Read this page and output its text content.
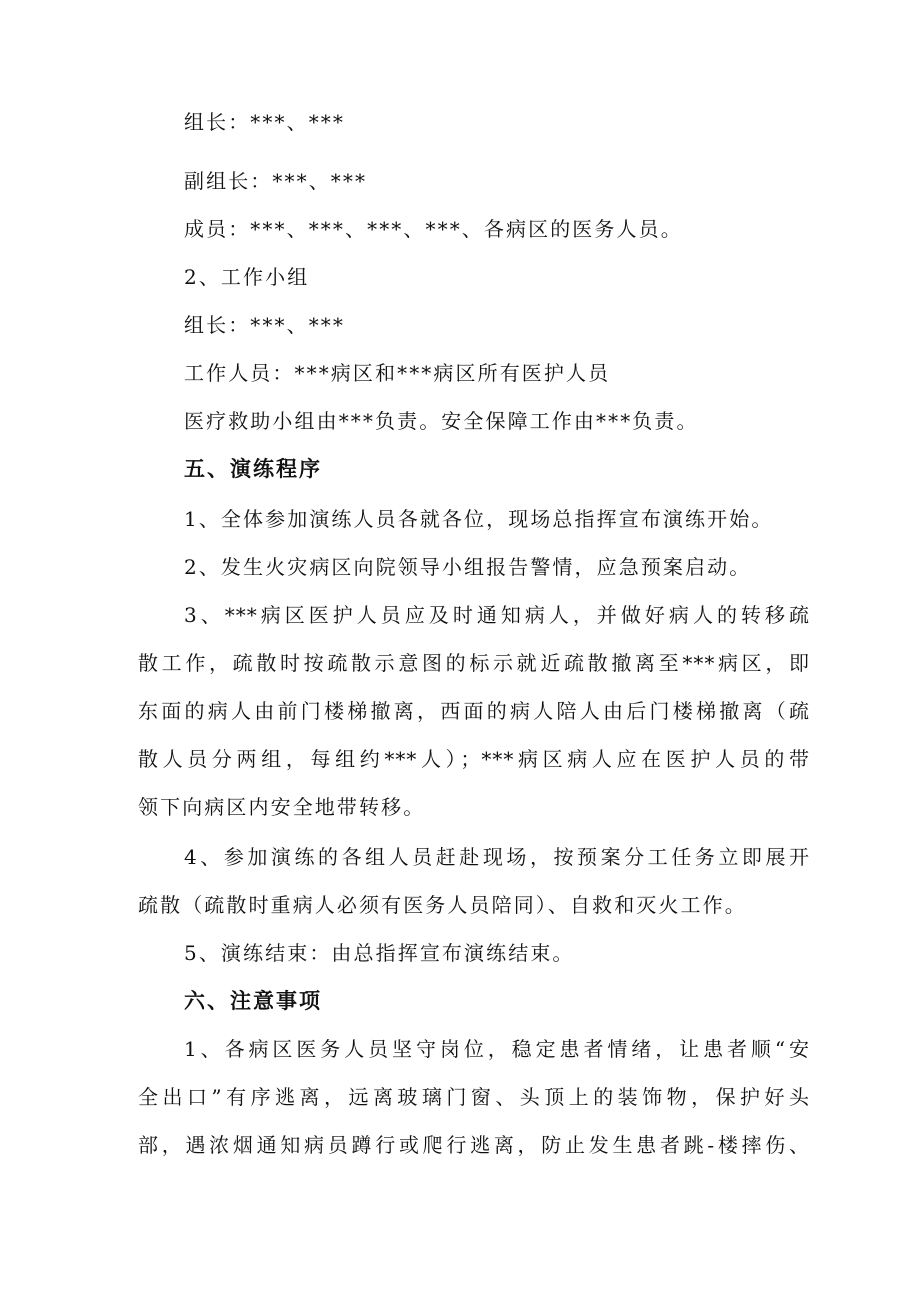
组长：***、***

副组长：***、***

成员：***、***、***、***、各病区的医务人员。

2、工作小组

组长：***、***

工作人员：***病区和***病区所有医护人员

医疗救助小组由***负责。安全保障工作由***负责。

五、演练程序

1、全体参加演练人员各就各位，现场总指挥宣布演练开始。

2、发生火灾病区向院领导小组报告警情，应急预案启动。

3、***病区医护人员应及时通知病人，并做好病人的转移疏

散工作，疏散时按疏散示意图的标示就近疏散撤离至***病区，即

东面的病人由前门楼梯撤离，西面的病人陪人由后门楼梯撤离（疏

散人员分两组，每组约***人）；***病区病人应在医护人员的带

领下向病区内安全地带转移。

4、参加演练的各组人员赶赴现场，按预案分工任务立即展开

疏散（疏散时重病人必须有医务人员陪同）、自救和灭火工作。

5、演练结束：由总指挥宣布演练结束。

六、注意事项

1、各病区医务人员坚守岗位，稳定患者情绪，让患者顺“安

全出口”有序逃离，远离玻璃门窗、头顶上的装饰物，保护好头

部，遇浓烟通知病员蹲行或爬行逃离，防止发生患者跳-楼摔伤、
